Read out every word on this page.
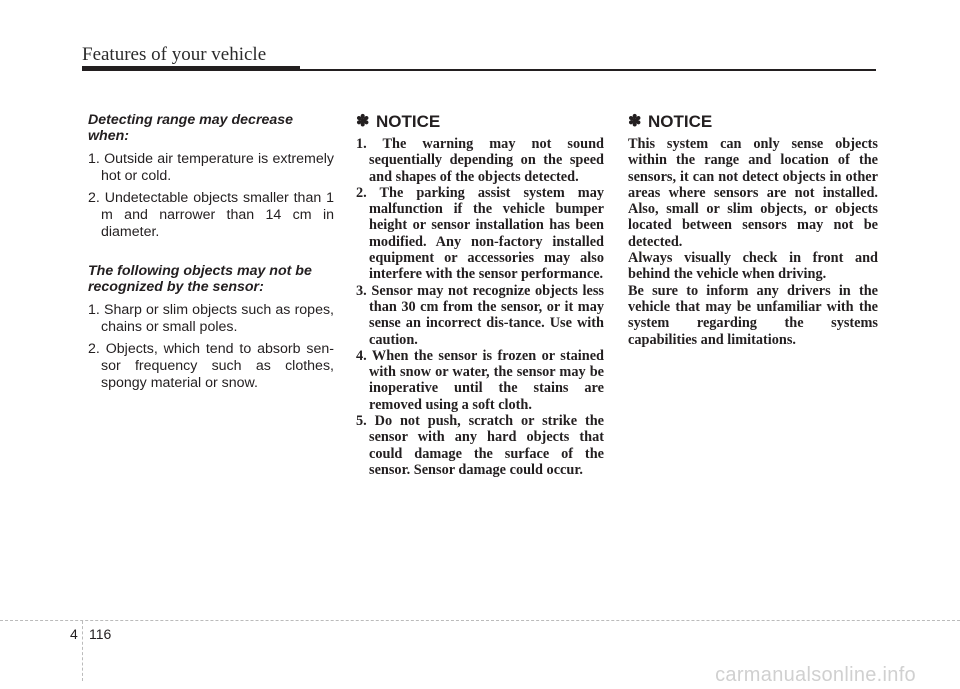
Features of your vehicle
Detecting range may decrease when:
1. Outside air temperature is extremely hot or cold.
2. Undetectable objects smaller than 1 m and narrower than 14 cm in diameter.
The following objects may not be recognized by the sensor:
1. Sharp or slim objects such as ropes, chains or small poles.
2. Objects, which tend to absorb sen-sor frequency such as clothes, spongy material or snow.
✽ NOTICE
1. The warning may not sound sequentially depending on the speed and shapes of the objects detected.
2. The parking assist system may malfunction if the vehicle bumper height or sensor installation has been modified. Any non-factory installed equipment or accessories may also interfere with the sensor performance.
3. Sensor may not recognize objects less than 30 cm from the sensor, or it may sense an incorrect dis-tance. Use with caution.
4. When the sensor is frozen or stained with snow or water, the sensor may be inoperative until the stains are removed using a soft cloth.
5. Do not push, scratch or strike the sensor with any hard objects that could damage the surface of the sensor. Sensor damage could occur.
✽ NOTICE

This system can only sense objects within the range and location of the sensors, it can not detect objects in other areas where sensors are not installed. Also, small or slim objects, or objects located between sensors may not be detected.

Always visually check in front and behind the vehicle when driving.

Be sure to inform any drivers in the vehicle that may be unfamiliar with the system regarding the systems capabilities and limitations.

4 116
carmanualsonline.info
